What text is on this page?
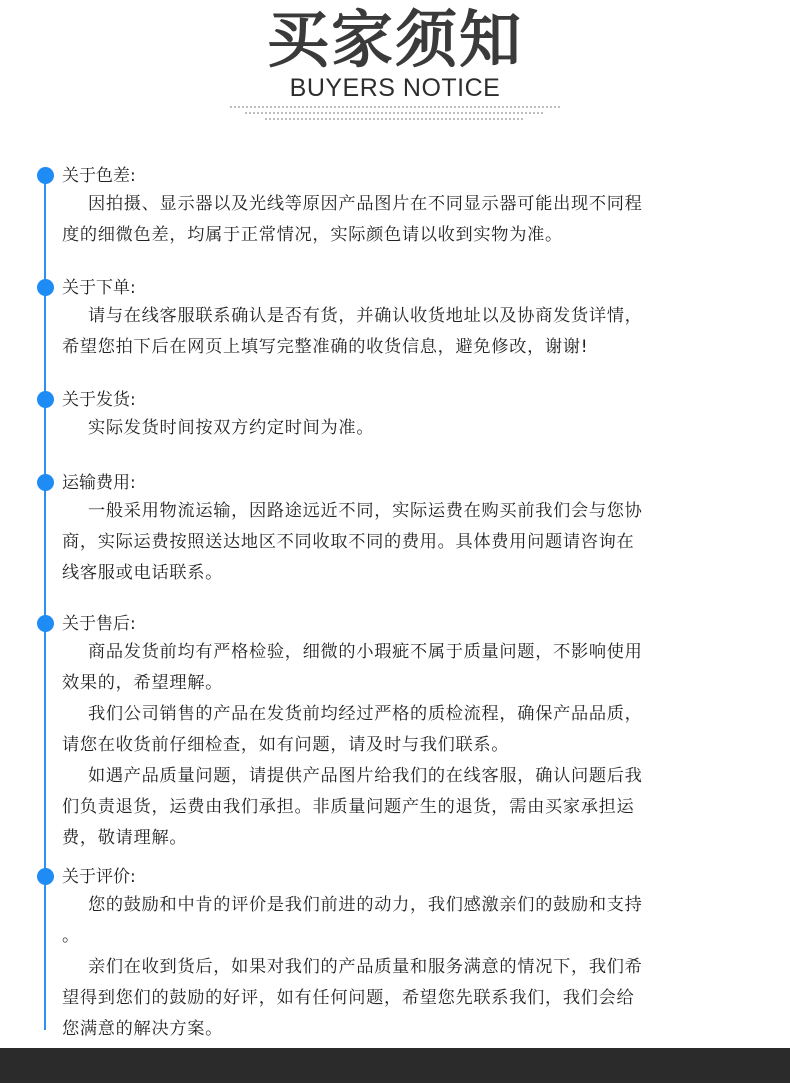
买家须知
BUYERS NOTICE
关于色差:
因拍摄、显示器以及光线等原因产品图片在不同显示器可能出现不同程
度的细微色差，均属于正常情况，实际颜色请以收到实物为准。
关于下单:
请与在线客服联系确认是否有货，并确认收货地址以及协商发货详情，
希望您拍下后在网页上填写完整准确的收货信息，避免修改，谢谢!
关于发货:
实际发货时间按双方约定时间为准。
运输费用:
一般采用物流运输，因路途远近不同，实际运费在购买前我们会与您协
商，实际运费按照送达地区不同收取不同的费用。具体费用问题请咨询在
线客服或电话联系。
关于售后:
商品发货前均有严格检验，细微的小瑕疵不属于质量问题，不影响使用
效果的，希望理解。
我们公司销售的产品在发货前均经过严格的质检流程，确保产品品质，
请您在收货前仔细检查，如有问题，请及时与我们联系。
如遇产品质量问题，请提供产品图片给我们的在线客服，确认问题后我
们负责退货，运费由我们承担。非质量问题产生的退货，需由买家承担运
费，敬请理解。
关于评价:
您的鼓励和中肯的评价是我们前进的动力，我们感激亲们的鼓励和支持
。
亲们在收到货后，如果对我们的产品质量和服务满意的情况下，我们希
望得到您们的鼓励的好评，如有任何问题，希望您先联系我们，我们会给
您满意的解决方案。
